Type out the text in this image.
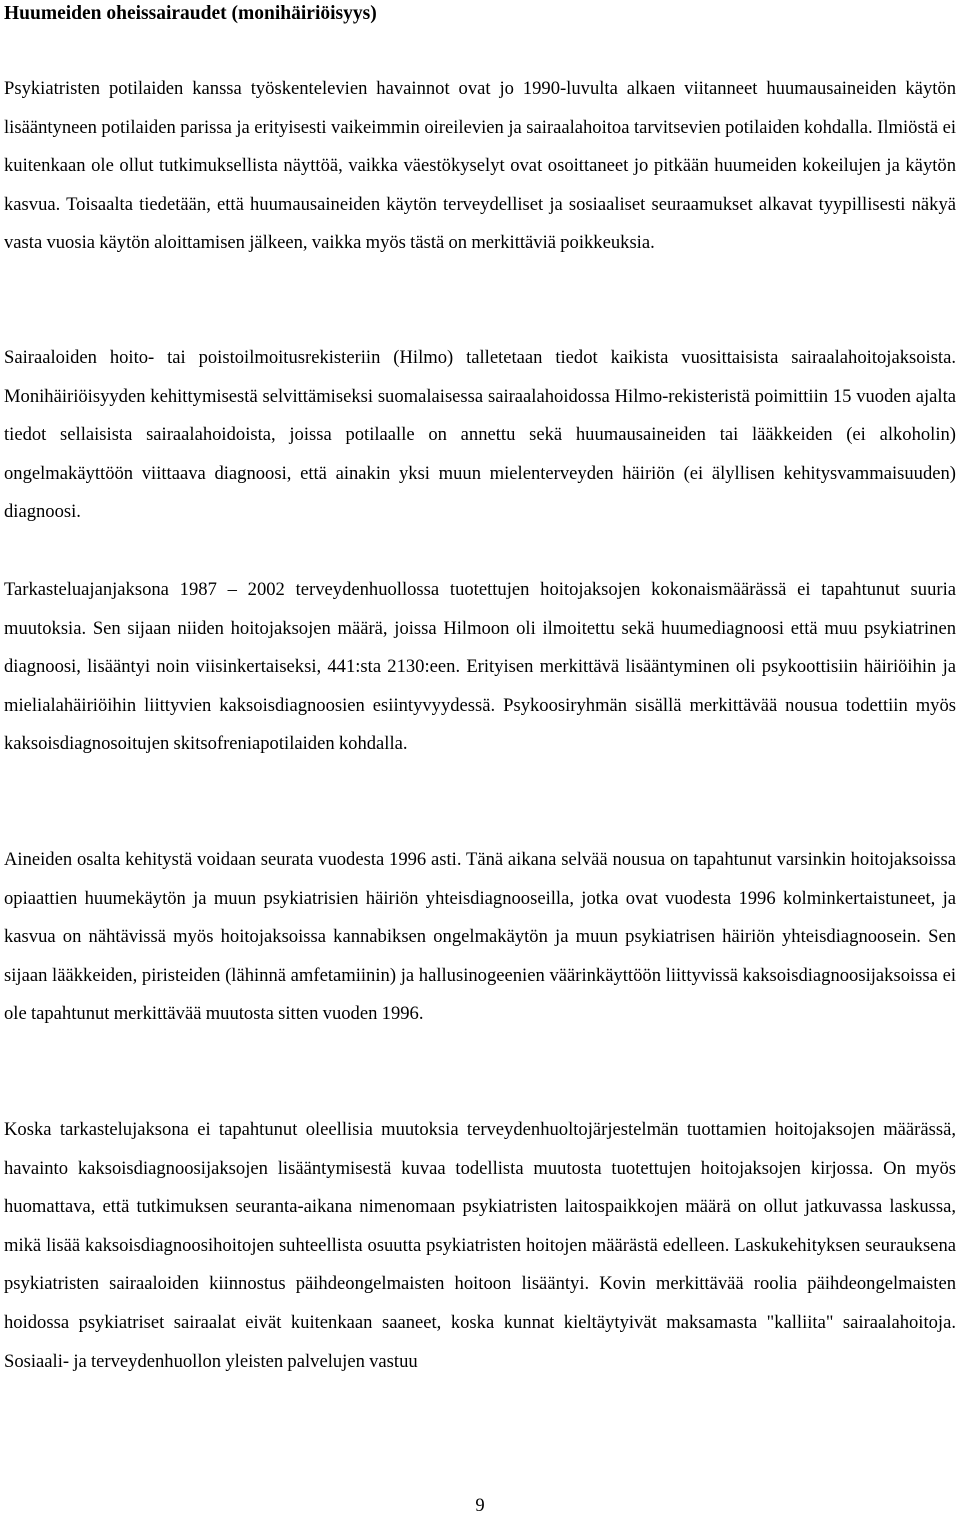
Huumeiden oheissairaudet (monihäiriöisyys)

Psykiatristen potilaiden kanssa työskentelevien havainnot ovat jo 1990-luvulta alkaen viitanneet huumausaineiden käytön lisääntyneen potilaiden parissa ja erityisesti vaikeimmin oireilevien ja sairaalahoitoa tarvitsevien potilaiden kohdalla. Ilmiöstä ei kuitenkaan ole ollut tutkimuksellista näyttöä, vaikka väestökyselyt ovat osoittaneet jo pitkään huumeiden kokeilujen ja käytön kasvua. Toisaalta tiedetään, että huumausaineiden käytön terveydelliset ja sosiaaliset seuraamukset alkavat tyypillisesti näkyä vasta vuosia käytön aloittamisen jälkeen, vaikka myös tästä on merkittäviä poikkeuksia.

Sairaaloiden hoito- tai poistoilmoitusrekisteriin (Hilmo) talletetaan tiedot kaikista vuosittaisista sairaalahoitojaksoista. Monihäiriöisyyden kehittymisestä selvittämiseksi suomalaisessa sairaalahoidossa Hilmo-rekisteristä poimittiin 15 vuoden ajalta tiedot sellaisista sairaalahoidoista, joissa potilaalle on annettu sekä huumausaineiden tai lääkkeiden (ei alkoholin) ongelmakäyttöön viittaava diagnoosi, että ainakin yksi muun mielenterveyden häiriön (ei älyllisen kehitysvammaisuuden) diagnoosi.

Tarkasteluajanjaksona 1987 – 2002 terveydenhuollossa tuotettujen hoitojaksojen kokonaismäärässä ei tapahtunut suuria muutoksia. Sen sijaan niiden hoitojaksojen määrä, joissa Hilmoon oli ilmoitettu sekä huumediagnoosi että muu psykiatrinen diagnoosi, lisääntyi noin viisinkertaiseksi, 441:sta 2130:een. Erityisen merkittävä lisääntyminen oli psykoottisiin häiriöihin ja mielialahäiriöihin liittyvien kaksoisdiagnoosien esiintyvyydessä. Psykoosiryhmän sisällä merkittävää nousua todettiin myös kaksoisdiagnosoitujen skitsofreniapotilaiden kohdalla.

Aineiden osalta kehitystä voidaan seurata vuodesta 1996 asti. Tänä aikana selvää nousua on tapahtunut varsinkin hoitojaksoissa opiaattien huumekäytön ja muun psykiatrisien häiriön yhteisdiagnooseilla, jotka ovat vuodesta 1996 kolminkertaistuneet, ja kasvua on nähtävissä myös hoitojaksoissa kannabiksen ongelmakäytön ja muun psykiatrisen häiriön yhteisdiagnoosein. Sen sijaan lääkkeiden, piristeiden (lähinnä amfetamiinin) ja hallusinogeenien väärinkäyttöön liittyvissä kaksoisdiagnoosijaksoissa ei ole tapahtunut merkittävää muutosta sitten vuoden 1996.

Koska tarkastelujaksona ei tapahtunut oleellisia muutoksia terveydenhuoltojärjestelmän tuottamien hoitojaksojen määrässä, havainto kaksoisdiagnoosijaksojen lisääntymisestä kuvaa todellista muutosta tuotettujen hoitojaksojen kirjossa. On myös huomattava, että tutkimuksen seuranta-aikana nimenomaan psykiatristen laitospaikkojen määrä on ollut jatkuvassa laskussa, mikä lisää kaksoisdiagnoosihoitojen suhteellista osuutta psykiatristen hoitojen määrästä edelleen. Laskukehityksen seurauksena psykiatristen sairaaloiden kiinnostus päihdeongelmaisten hoitoon lisääntyi. Kovin merkittävää roolia päihdeongelmaisten hoidossa psykiatriset sairaalat eivät kuitenkaan saaneet, koska kunnat kieltäytyivät maksamasta "kalliita" sairaalahoitoja. Sosiaali- ja terveydenhuollon yleisten palvelujen vastuu

9
